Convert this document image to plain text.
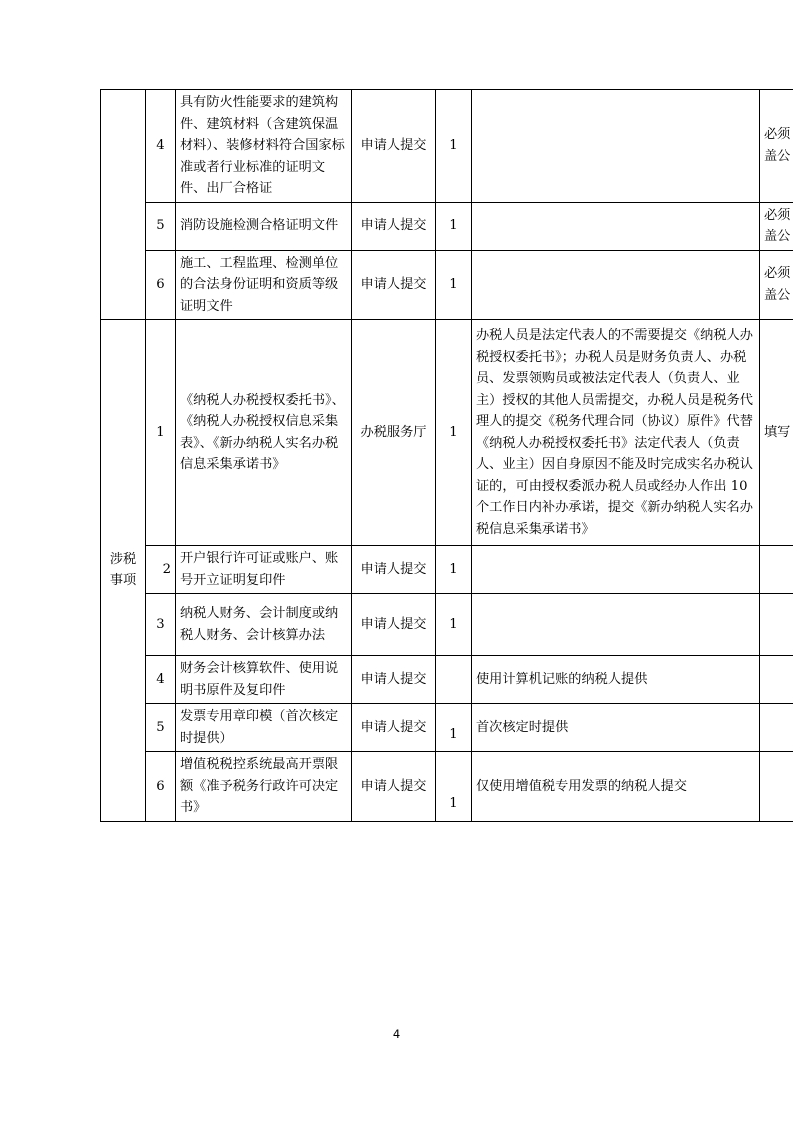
	4	具有防火性能要求的建筑构件、建筑材料（含建筑保温材料）、装修材料符合国家标准或者行业标准的证明文件、出厂合格证	申请人提交	1		必须盖公
	5	消防设施检测合格证明文件	申请人提交	1		必须盖公
	6	施工、工程监理、检测单位的合法身份证明和资质等级证明文件	申请人提交	1		必须盖公
涉税事项	1	《纳税人办税授权委托书》、《纳税人办税授权信息采集表》、《新办纳税人实名办税信息采集承诺书》	办税服务厅	1	办税人员是法定代表人的不需要提交《纳税人办税授权委托书》；办税人员是财务负责人、办税员、发票领购员或被法定代表人（负责人、业主）授权的其他人员需提交，办税人员是税务代理人的提交《税务代理合同（协议）原件》代替《纳税人办税授权委托书》法定代表人（负责人、业主）因自身原因不能及时完成实名办税认证的，可由授权委派办税人员或经办人作出 10 个工作日内补办承诺，提交《新办纳税人实名办税信息采集承诺书》	填写
	2	开户银行许可证或账户、账号开立证明复印件	申请人提交	1		
	3	纳税人财务、会计制度或纳税人财务、会计核算办法	申请人提交	1		
	4	财务会计核算软件、使用说明书原件及复印件	申请人提交		使用计算机记账的纳税人提供	
	5	发票专用章印模（首次核定时提供）	申请人提交	1	首次核定时提供	
	6	增值税税控系统最高开票限额《准予税务行政许可决定书》	申请人提交	1	仅使用增值税专用发票的纳税人提交	
4
